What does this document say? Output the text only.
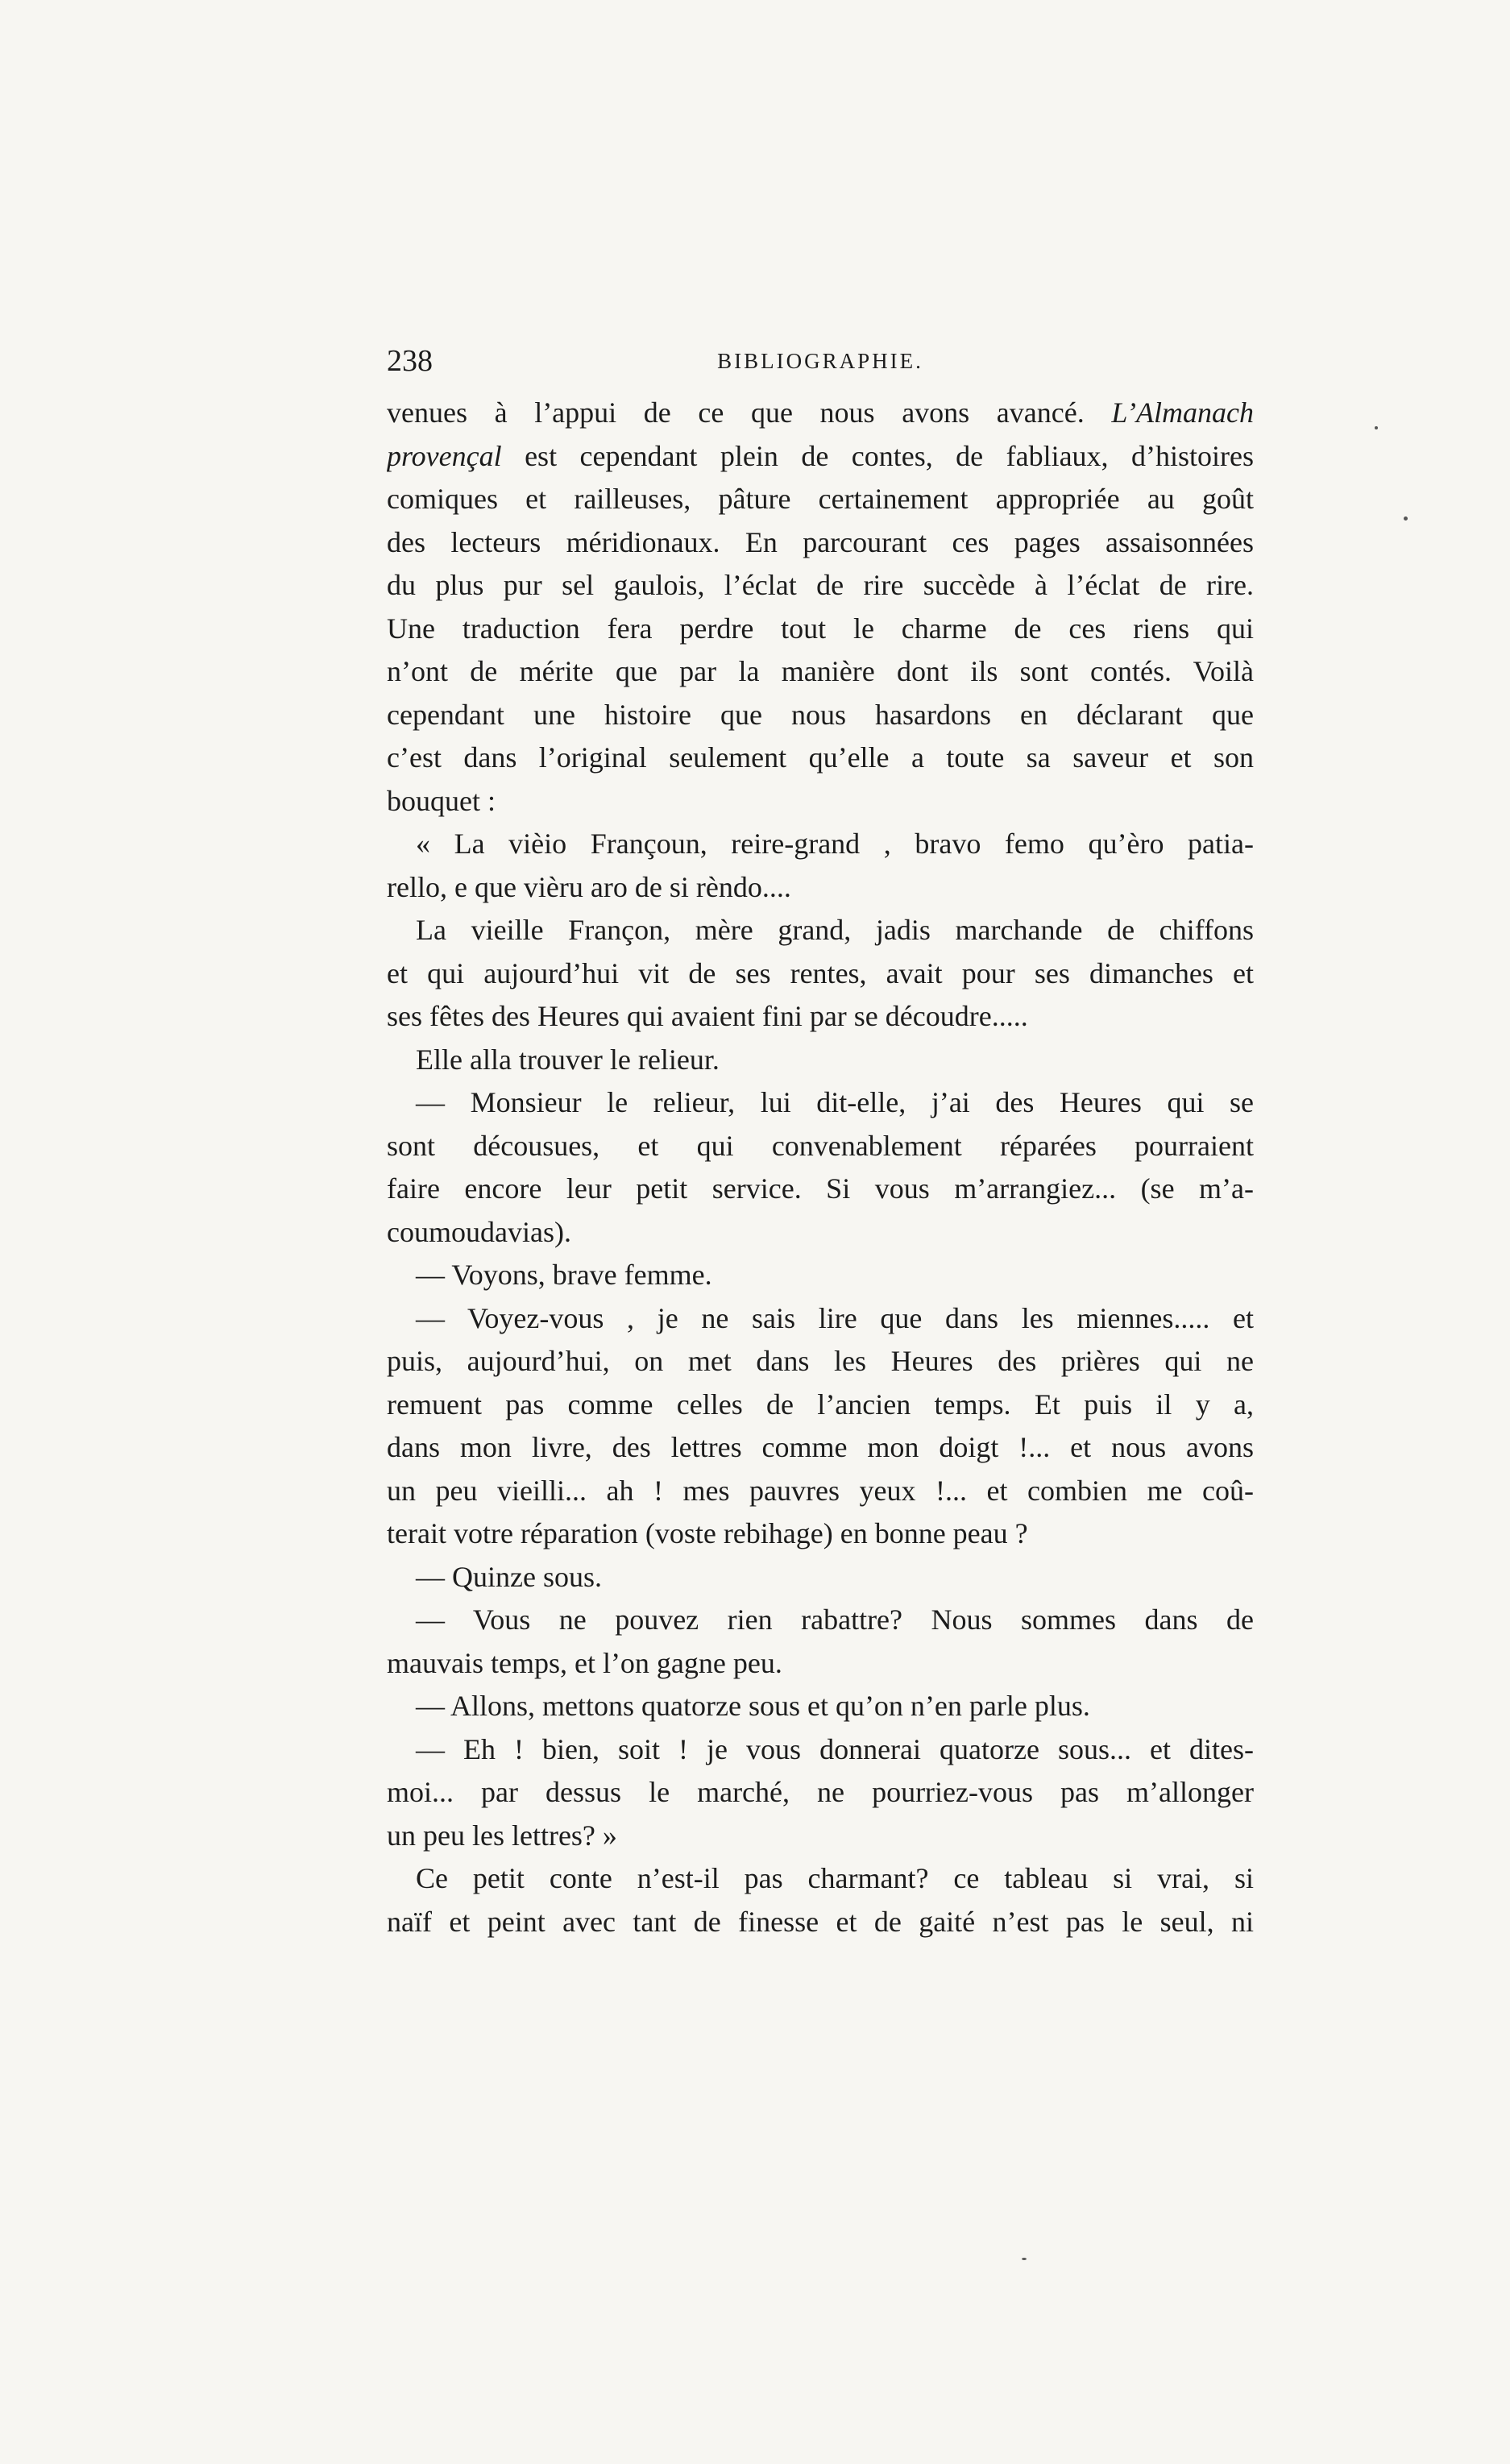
238	BIBLIOGRAPHIE.
venues à l’appui de ce que nous avons avancé. L’Almanach
provençal est cependant plein de contes, de fabliaux, d’histoires
comiques et railleuses, pâture certainement appropriée au goût
des lecteurs méridionaux. En parcourant ces pages assaisonnées
du plus pur sel gaulois, l’éclat de rire succède à l’éclat de rire.
Une traduction fera perdre tout le charme de ces riens qui
n’ont de mérite que par la manière dont ils sont contés. Voilà
cependant une histoire que nous hasardons en déclarant que
c’est dans l’original seulement qu’elle a toute sa saveur et son
bouquet :
« La vièio Françoun, reire-grand , bravo femo qu’èro patia-
rello, e que vièru aro de si rèndo....
La vieille Françon, mère grand, jadis marchande de chiffons
et qui aujourd’hui vit de ses rentes, avait pour ses dimanches et
ses fêtes des Heures qui avaient fini par se découdre.....
Elle alla trouver le relieur.
— Monsieur le relieur, lui dit-elle, j’ai des Heures qui se
sont décousues, et qui convenablement réparées pourraient
faire encore leur petit service. Si vous m’arrangiez... (se m’a-
coumoudavias).
— Voyons, brave femme.
— Voyez-vous , je ne sais lire que dans les miennes..... et
puis, aujourd’hui, on met dans les Heures des prières qui ne
remuent pas comme celles de l’ancien temps. Et puis il y a,
dans mon livre, des lettres comme mon doigt !... et nous avons
un peu vieilli... ah ! mes pauvres yeux !... et combien me coû-
terait votre réparation (voste rebihage) en bonne peau ?
— Quinze sous.
— Vous ne pouvez rien rabattre? Nous sommes dans de
mauvais temps, et l’on gagne peu.
— Allons, mettons quatorze sous et qu’on n’en parle plus.
— Eh ! bien, soit ! je vous donnerai quatorze sous... et dites-
moi... par dessus le marché, ne pourriez-vous pas m’allonger
un peu les lettres? »
Ce petit conte n’est-il pas charmant? ce tableau si vrai, si
naïf et peint avec tant de finesse et de gaité n’est pas le seul, ni
